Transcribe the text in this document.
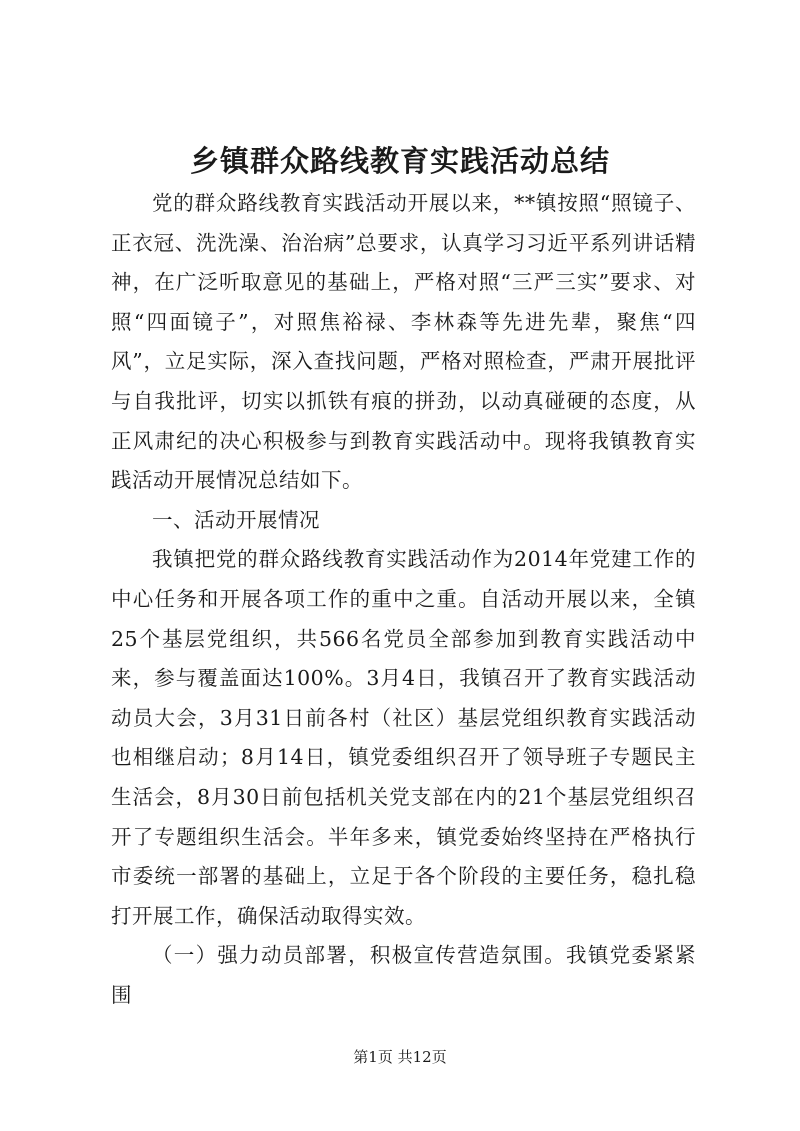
乡镇群众路线教育实践活动总结

党的群众路线教育实践活动开展以来，**镇按照“照镜子、正衣冠、洗洗澡、治治病”总要求，认真学习习近平系列讲话精神，在广泛听取意见的基础上，严格对照“三严三实”要求、对照“四面镜子”，对照焦裕禄、李林森等先进先辈，聚焦“四风”，立足实际，深入查找问题，严格对照检查，严肃开展批评与自我批评，切实以抓铁有痕的拼劲，以动真碰硬的态度，从正风肃纪的决心积极参与到教育实践活动中。现将我镇教育实践活动开展情况总结如下。

一、活动开展情况

我镇把党的群众路线教育实践活动作为2014年党建工作的中心任务和开展各项工作的重中之重。自活动开展以来，全镇25个基层党组织，共566名党员全部参加到教育实践活动中来，参与覆盖面达100%。3月4日，我镇召开了教育实践活动动员大会，3月31日前各村（社区）基层党组织教育实践活动也相继启动；8月14日，镇党委组织召开了领导班子专题民主生活会，8月30日前包括机关党支部在内的21个基层党组织召开了专题组织生活会。半年多来，镇党委始终坚持在严格执行市委统一部署的基础上，立足于各个阶段的主要任务，稳扎稳打开展工作，确保活动取得实效。

（一）强力动员部署，积极宣传营造氛围。我镇党委紧紧围

第1页 共12页
